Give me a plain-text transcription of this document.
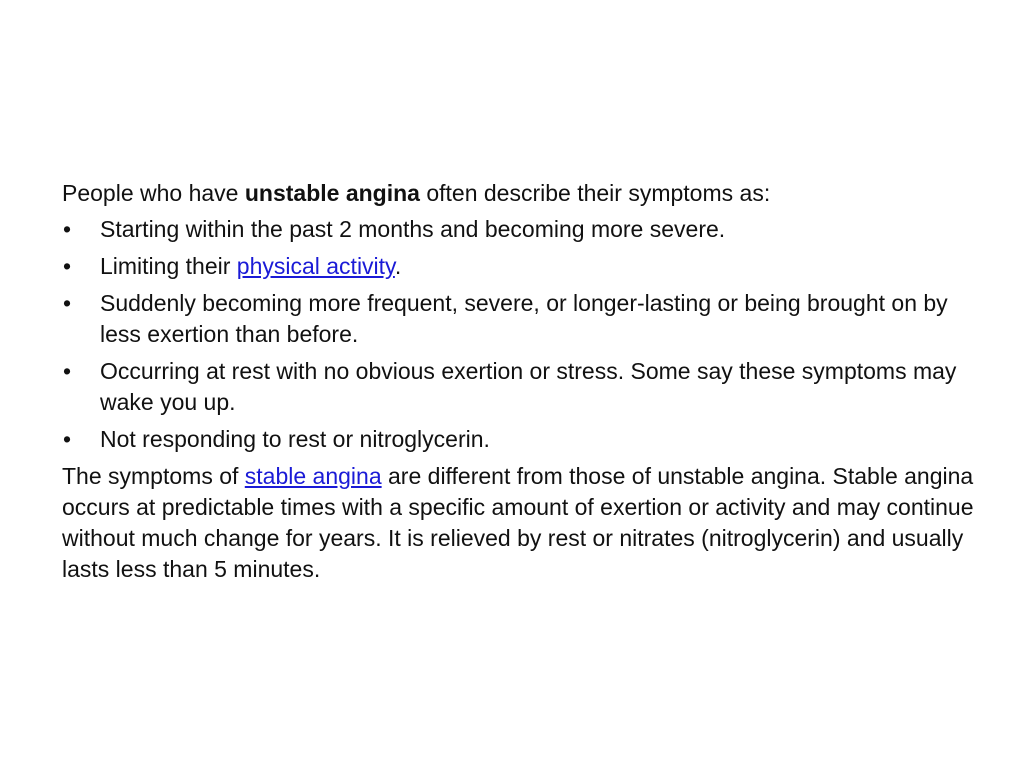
People who have unstable angina often describe their symptoms as:

• Starting within the past 2 months and becoming more severe.
• Limiting their physical activity.
• Suddenly becoming more frequent, severe, or longer-lasting or being brought on by less exertion than before.
• Occurring at rest with no obvious exertion or stress. Some say these symptoms may wake you up.
• Not responding to rest or nitroglycerin.

The symptoms of stable angina are different from those of unstable angina. Stable angina occurs at predictable times with a specific amount of exertion or activity and may continue without much change for years. It is relieved by rest or nitrates (nitroglycerin) and usually lasts less than 5 minutes.
